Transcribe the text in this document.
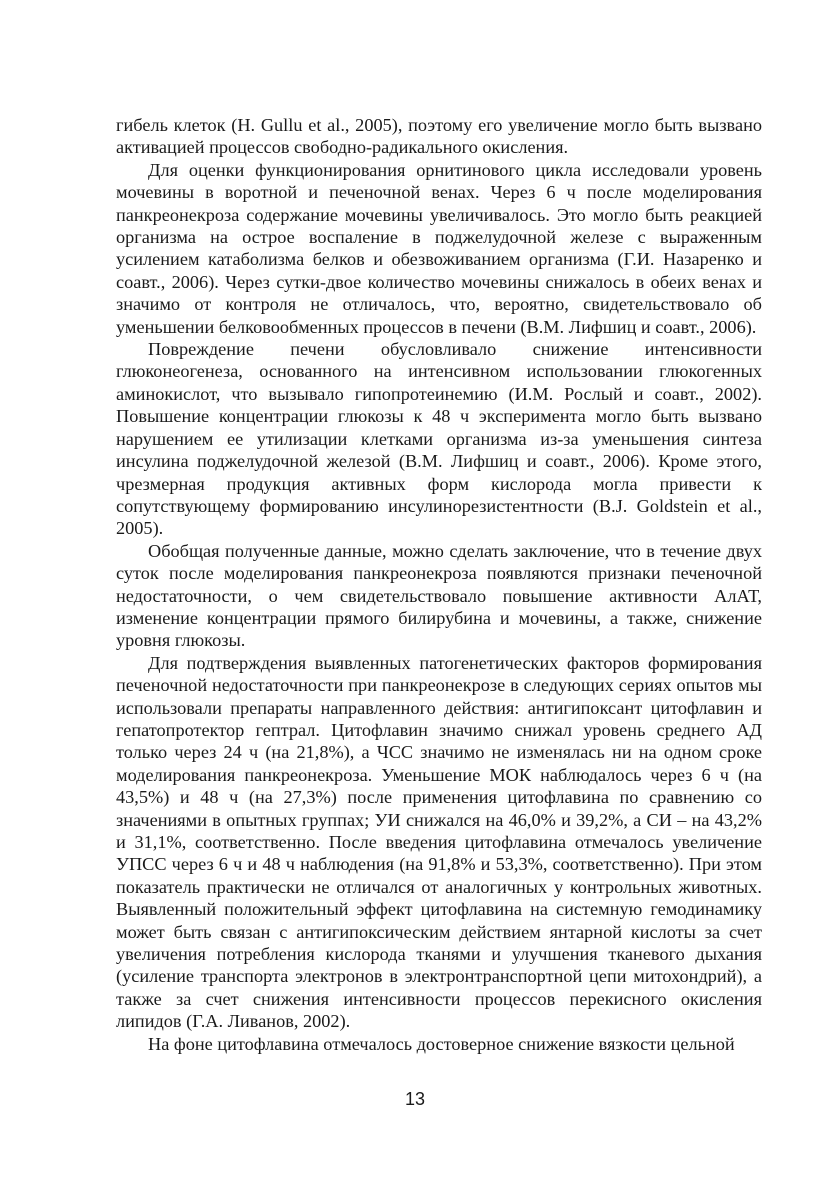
гибель клеток (H. Gullu et al., 2005), поэтому его увеличение могло быть вызвано активацией процессов свободно-радикального окисления.

Для оценки функционирования орнитинового цикла исследовали уровень мочевины в воротной и печеночной венах. Через 6 ч после моделирования панкреонекроза содержание мочевины увеличивалось. Это могло быть реакцией организма на острое воспаление в поджелудочной железе с выраженным усилением катаболизма белков и обезвоживанием организма (Г.И. Назаренко и соавт., 2006). Через сутки-двое количество мочевины снижалось в обеих венах и значимо от контроля не отличалось, что, вероятно, свидетельствовало об уменьшении белковообменных процессов в печени (В.М. Лифшиц и соавт., 2006).

Повреждение печени обусловливало снижение интенсивности глюконеогенеза, основанного на интенсивном использовании глюкогенных аминокислот, что вызывало гипопротеинемию (И.М. Рослый и соавт., 2002). Повышение концентрации глюкозы к 48 ч эксперимента могло быть вызвано нарушением ее утилизации клетками организма из-за уменьшения синтеза инсулина поджелудочной железой (В.М. Лифшиц и соавт., 2006). Кроме этого, чрезмерная продукция активных форм кислорода могла привести к сопутствующему формированию инсулинорезистентности (B.J. Goldstein et al., 2005).

Обобщая полученные данные, можно сделать заключение, что в течение двух суток после моделирования панкреонекроза появляются признаки печеночной недостаточности, о чем свидетельствовало повышение активности АлАТ, изменение концентрации прямого билирубина и мочевины, а также, снижение уровня глюкозы.

Для подтверждения выявленных патогенетических факторов формирования печеночной недостаточности при панкреонекрозе в следующих сериях опытов мы использовали препараты направленного действия: антигипоксант цитофлавин и гепатопротектор гептрал. Цитофлавин значимо снижал уровень среднего АД только через 24 ч (на 21,8%), а ЧСС значимо не изменялась ни на одном сроке моделирования панкреонекроза. Уменьшение МОК наблюдалось через 6 ч (на 43,5%) и 48 ч (на 27,3%) после применения цитофлавина по сравнению со значениями в опытных группах; УИ снижался на 46,0% и 39,2%, а СИ – на 43,2% и 31,1%, соответственно. После введения цитофлавина отмечалось увеличение УПСС через 6 ч и 48 ч наблюдения (на 91,8% и 53,3%, соответственно). При этом показатель практически не отличался от аналогичных у контрольных животных. Выявленный положительный эффект цитофлавина на системную гемодинамику может быть связан с антигипоксическим действием янтарной кислоты за счет увеличения потребления кислорода тканями и улучшения тканевого дыхания (усиление транспорта электронов в электронтранспортной цепи митохондрий), а также за счет снижения интенсивности процессов перекисного окисления липидов (Г.А. Ливанов, 2002).

На фоне цитофлавина отмечалось достоверное снижение вязкости цельной

13
